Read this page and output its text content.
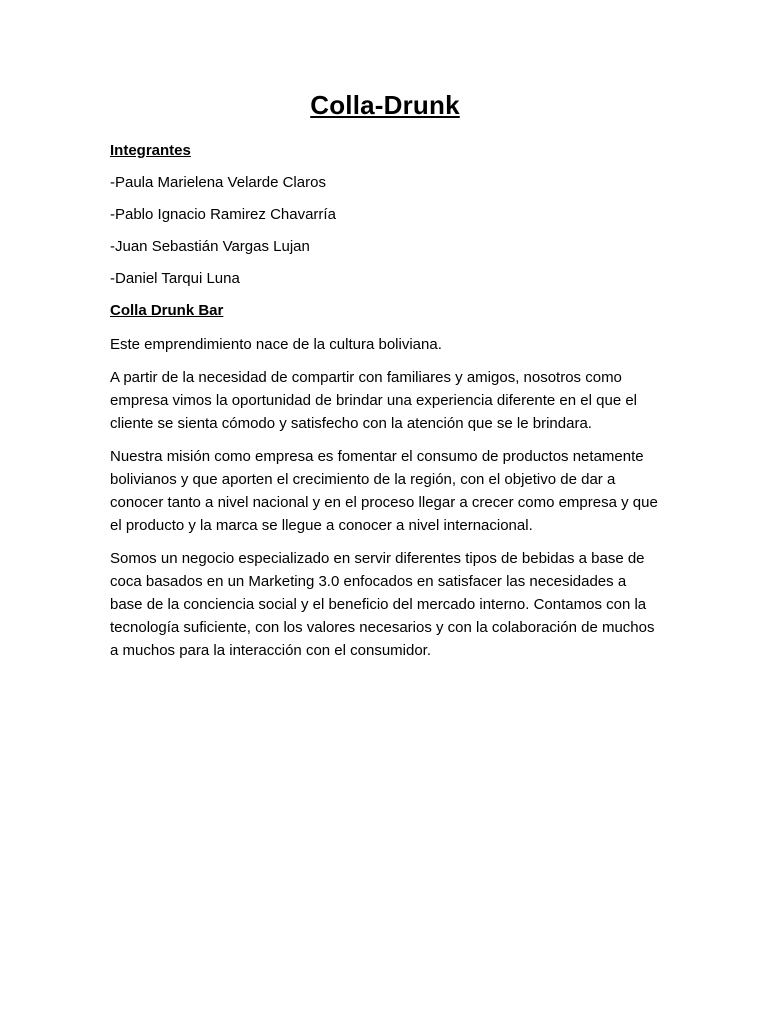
Colla-Drunk
Integrantes
-Paula Marielena Velarde Claros
-Pablo Ignacio Ramirez Chavarría
-Juan Sebastián Vargas Lujan
-Daniel Tarqui Luna
Colla Drunk Bar

Este emprendimiento nace de la cultura boliviana.

A partir de la necesidad de compartir con familiares y amigos, nosotros como empresa vimos la oportunidad de brindar una experiencia diferente en el que el cliente se sienta cómodo y satisfecho con la atención que se le brindara.

Nuestra misión como empresa es fomentar el consumo de productos netamente bolivianos y que aporten el crecimiento de la región, con el objetivo de dar a conocer tanto a nivel nacional y en el proceso llegar a crecer como empresa y que el producto y la marca se llegue a conocer a nivel internacional.

Somos un negocio especializado en servir diferentes tipos de bebidas a base de coca basados en un Marketing 3.0 enfocados en satisfacer las necesidades a base de la conciencia social y el beneficio del mercado interno. Contamos con la tecnología suficiente, con los valores necesarios y con la colaboración de muchos a muchos para la interacción con el consumidor.
